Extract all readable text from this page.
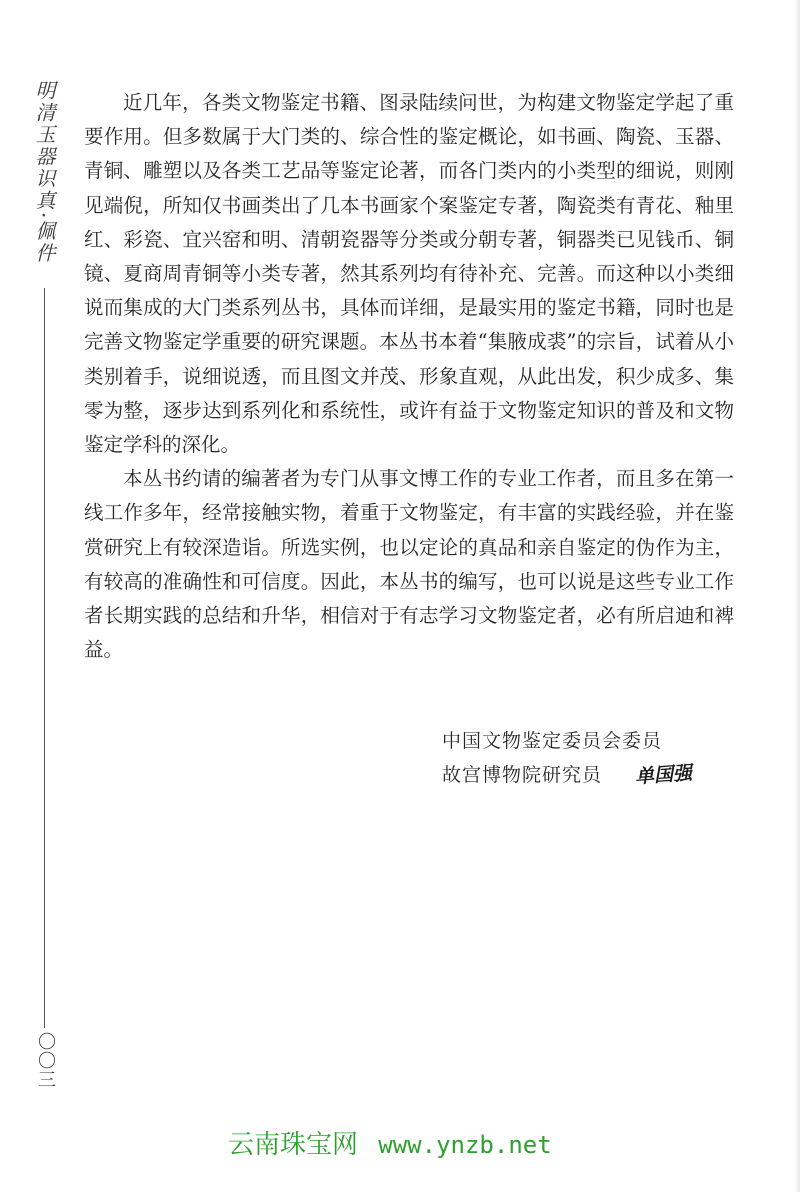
明清玉器识真·佩件
〇〇三

近几年，各类文物鉴定书籍、图录陆续问世，为构建文物鉴定学起了重要作用。但多数属于大门类的、综合性的鉴定概论，如书画、陶瓷、玉器、青铜、雕塑以及各类工艺品等鉴定论著，而各门类内的小类型的细说，则刚见端倪，所知仅书画类出了几本书画家个案鉴定专著，陶瓷类有青花、釉里红、彩瓷、宜兴窑和明、清朝瓷器等分类或分朝专著，铜器类已见钱币、铜镜、夏商周青铜等小类专著，然其系列均有待补充、完善。而这种以小类细说而集成的大门类系列丛书，具体而详细，是最实用的鉴定书籍，同时也是完善文物鉴定学重要的研究课题。本丛书本着“集腋成裘”的宗旨，试着从小类别着手，说细说透，而且图文并茂、形象直观，从此出发，积少成多、集零为整，逐步达到系列化和系统性，或许有益于文物鉴定知识的普及和文物鉴定学科的深化。

本丛书约请的编著者为专门从事文博工作的专业工作者，而且多在第一线工作多年，经常接触实物，着重于文物鉴定，有丰富的实践经验，并在鉴赏研究上有较深造诣。所选实例，也以定论的真品和亲自鉴定的伪作为主，有较高的准确性和可信度。因此，本丛书的编写，也可以说是这些专业工作者长期实践的总结和升华，相信对于有志学习文物鉴定者，必有所启迪和裨益。

中国文物鉴定委员会委员
故宫博物院研究员 单国强
云南珠宝网 www.ynzb.net
